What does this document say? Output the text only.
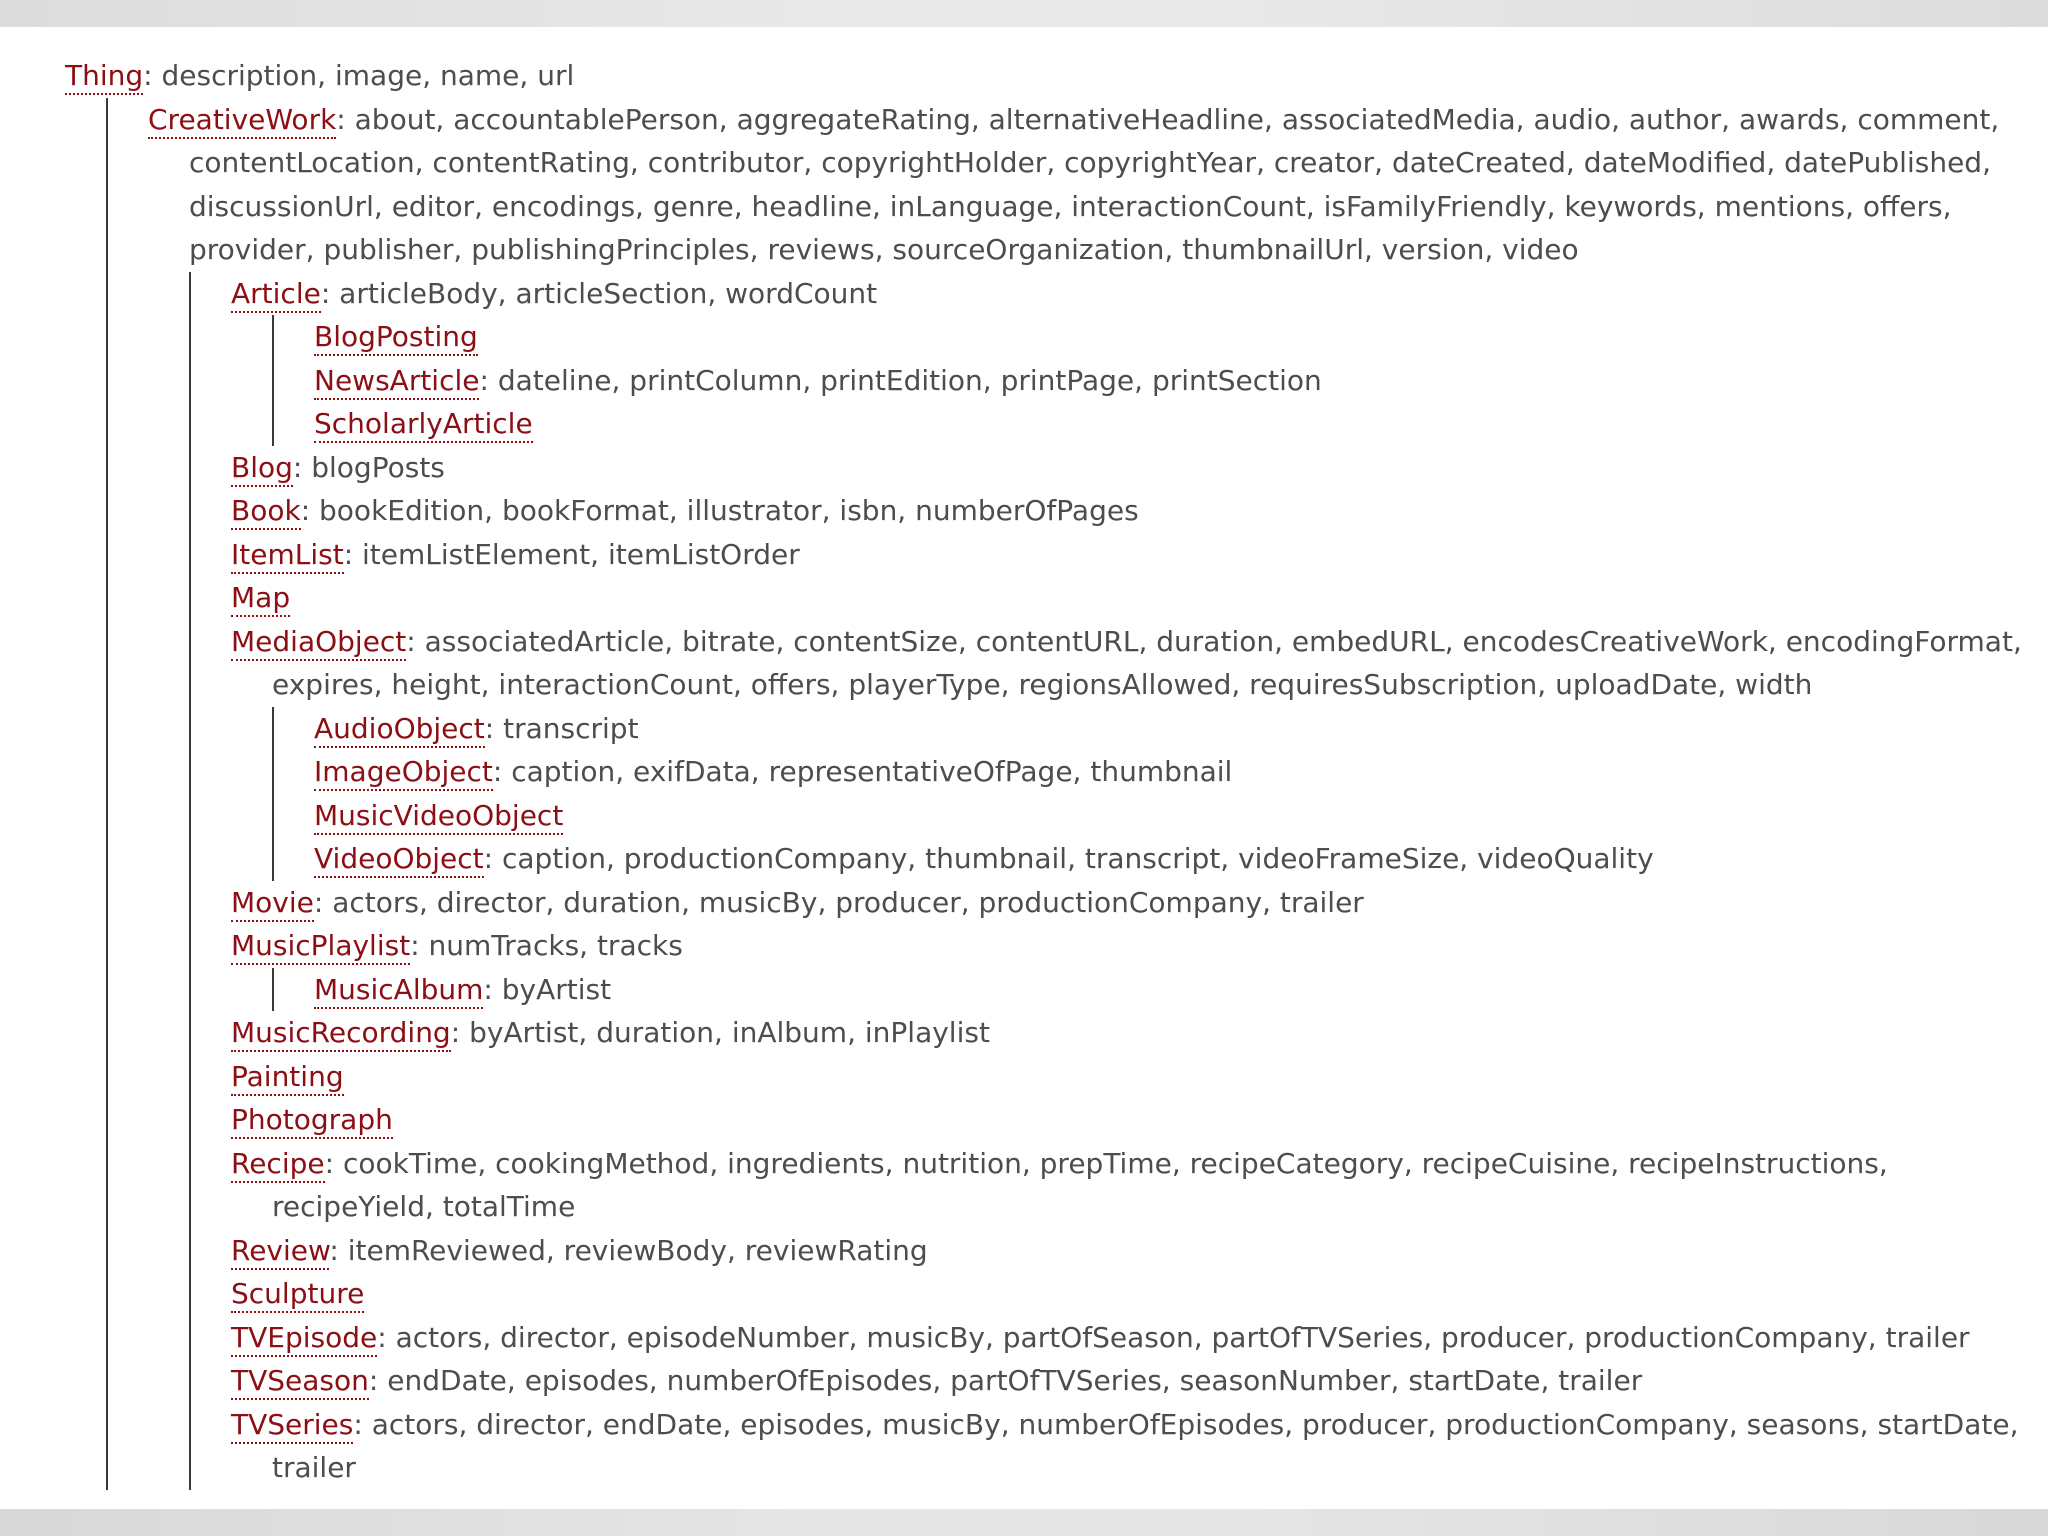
Thing: description, image, name, url
CreativeWork: about, accountablePerson, aggregateRating, alternativeHeadline, associatedMedia, audio, author, awards, comment, contentLocation, contentRating, contributor, copyrightHolder, copyrightYear, creator, dateCreated, dateModified, datePublished, discussionUrl, editor, encodings, genre, headline, inLanguage, interactionCount, isFamilyFriendly, keywords, mentions, offers, provider, publisher, publishingPrinciples, reviews, sourceOrganization, thumbnailUrl, version, video
Article: articleBody, articleSection, wordCount
BlogPosting
NewsArticle: dateline, printColumn, printEdition, printPage, printSection
ScholarlyArticle
Blog: blogPosts
Book: bookEdition, bookFormat, illustrator, isbn, numberOfPages
ItemList: itemListElement, itemListOrder
Map
MediaObject: associatedArticle, bitrate, contentSize, contentURL, duration, embedURL, encodesCreativeWork, encodingFormat, expires, height, interactionCount, offers, playerType, regionsAllowed, requiresSubscription, uploadDate, width
AudioObject: transcript
ImageObject: caption, exifData, representativeOfPage, thumbnail
MusicVideoObject
VideoObject: caption, productionCompany, thumbnail, transcript, videoFrameSize, videoQuality
Movie: actors, director, duration, musicBy, producer, productionCompany, trailer
MusicPlaylist: numTracks, tracks
MusicAlbum: byArtist
MusicRecording: byArtist, duration, inAlbum, inPlaylist
Painting
Photograph
Recipe: cookTime, cookingMethod, ingredients, nutrition, prepTime, recipeCategory, recipeCuisine, recipeInstructions, recipeYield, totalTime
Review: itemReviewed, reviewBody, reviewRating
Sculpture
TVEpisode: actors, director, episodeNumber, musicBy, partOfSeason, partOfTVSeries, producer, productionCompany, trailer
TVSeason: endDate, episodes, numberOfEpisodes, partOfTVSeries, seasonNumber, startDate, trailer
TVSeries: actors, director, endDate, episodes, musicBy, numberOfEpisodes, producer, productionCompany, seasons, startDate, trailer
